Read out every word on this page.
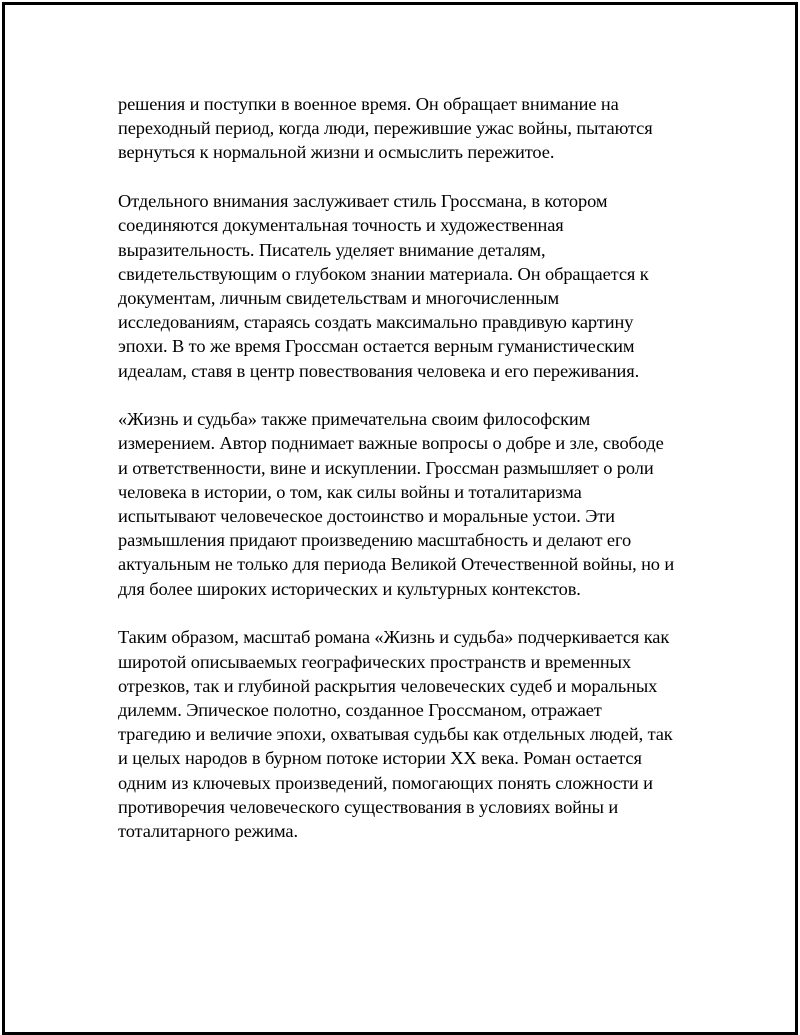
решения и поступки в военное время. Он обращает внимание на
переходный период, когда люди, пережившие ужас войны, пытаются
вернуться к нормальной жизни и осмыслить пережитое.
Отдельного внимания заслуживает стиль Гроссмана, в котором
соединяются документальная точность и художественная
выразительность. Писатель уделяет внимание деталям,
свидетельствующим о глубоком знании материала. Он обращается к
документам, личным свидетельствам и многочисленным
исследованиям, стараясь создать максимально правдивую картину
эпохи. В то же время Гроссман остается верным гуманистическим
идеалам, ставя в центр повествования человека и его переживания.
«Жизнь и судьба» также примечательна своим философским
измерением. Автор поднимает важные вопросы о добре и зле, свободе
и ответственности, вине и искуплении. Гроссман размышляет о роли
человека в истории, о том, как силы войны и тоталитаризма
испытывают человеческое достоинство и моральные устои. Эти
размышления придают произведению масштабность и делают его
актуальным не только для периода Великой Отечественной войны, но и
для более широких исторических и культурных контекстов.
Таким образом, масштаб романа «Жизнь и судьба» подчеркивается как
широтой описываемых географических пространств и временных
отрезков, так и глубиной раскрытия человеческих судеб и моральных
дилемм. Эпическое полотно, созданное Гроссманом, отражает
трагедию и величие эпохи, охватывая судьбы как отдельных людей, так
и целых народов в бурном потоке истории XX века. Роман остается
одним из ключевых произведений, помогающих понять сложности и
противоречия человеческого существования в условиях войны и
тоталитарного режима.
